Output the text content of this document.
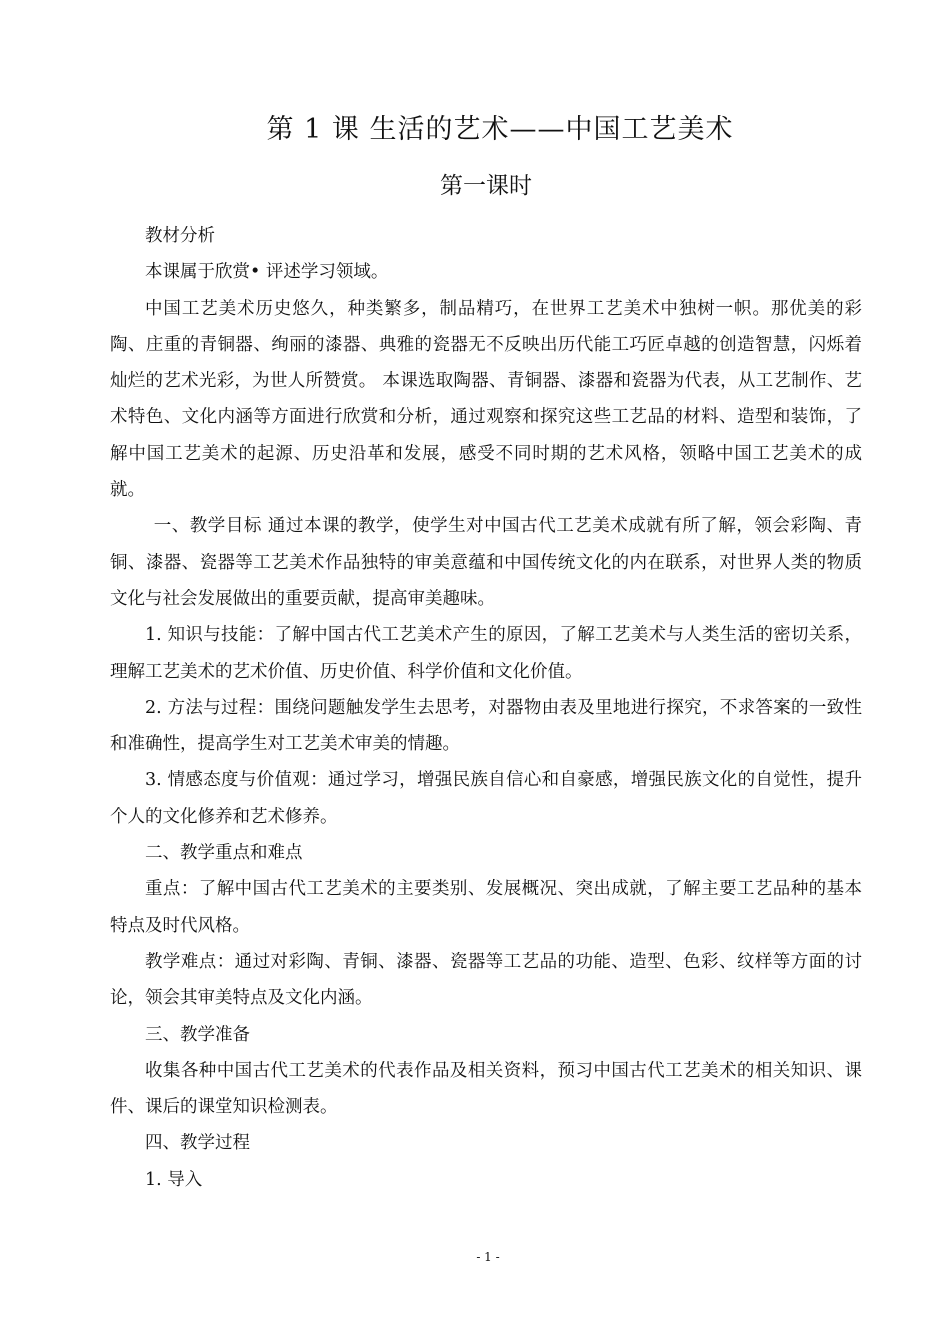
第 1 课 生活的艺术——中国工艺美术
第一课时

教材分析

本课属于欣赏• 评述学习领域。

中国工艺美术历史悠久，种类繁多，制品精巧，在世界工艺美术中独树一帜。那优美的彩陶、庄重的青铜器、绚丽的漆器、典雅的瓷器无不反映出历代能工巧匠卓越的创造智慧，闪烁着灿烂的艺术光彩，为世人所赞赏。 本课选取陶器、青铜器、漆器和瓷器为代表，从工艺制作、艺术特色、文化内涵等方面进行欣赏和分析，通过观察和探究这些工艺品的材料、造型和装饰，了解中国工艺美术的起源、历史沿革和发展，感受不同时期的艺术风格，领略中国工艺美术的成就。

一、教学目标 通过本课的教学，使学生对中国古代工艺美术成就有所了解，领会彩陶、青铜、漆器、瓷器等工艺美术作品独特的审美意蕴和中国传统文化的内在联系，对世界人类的物质文化与社会发展做出的重要贡献，提高审美趣味。

1. 知识与技能：了解中国古代工艺美术产生的原因，了解工艺美术与人类生活的密切关系，理解工艺美术的艺术价值、历史价值、科学价值和文化价值。

2. 方法与过程：围绕问题触发学生去思考，对器物由表及里地进行探究，不求答案的一致性和准确性，提高学生对工艺美术审美的情趣。

3. 情感态度与价值观：通过学习，增强民族自信心和自豪感，增强民族文化的自觉性，提升个人的文化修养和艺术修养。

二、教学重点和难点

重点：了解中国古代工艺美术的主要类别、发展概况、突出成就，了解主要工艺品种的基本特点及时代风格。

教学难点：通过对彩陶、青铜、漆器、瓷器等工艺品的功能、造型、色彩、纹样等方面的讨论，领会其审美特点及文化内涵。

三、教学准备

收集各种中国古代工艺美术的代表作品及相关资料，预习中国古代工艺美术的相关知识、课件、课后的课堂知识检测表。

四、教学过程

1. 导入

- 1 -
